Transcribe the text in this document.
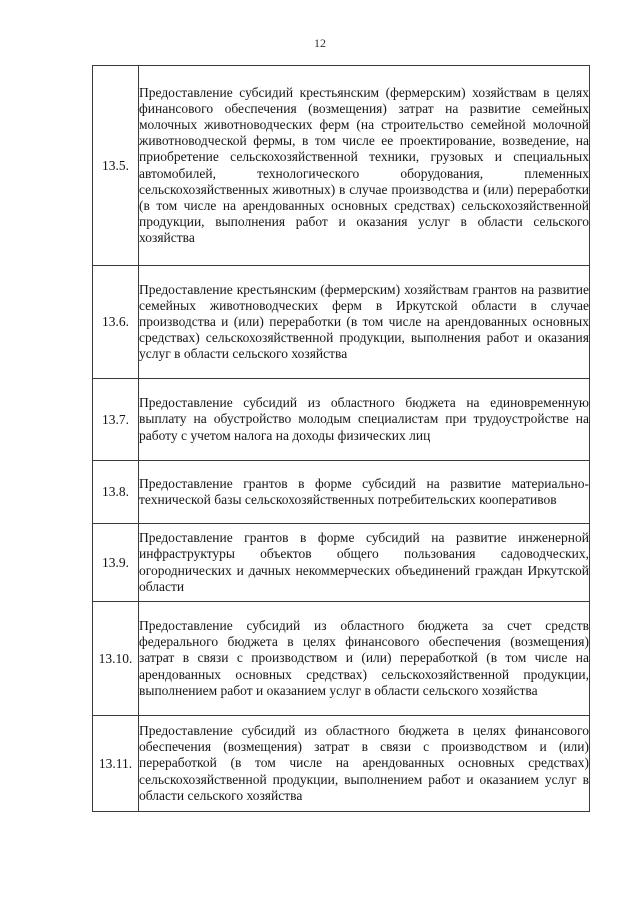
12
13.5.	Предоставление субсидий крестьянским (фермерским) хозяйствам в целях финансового обеспечения (возмещения) затрат на развитие семейных молочных животноводческих ферм (на строительство семейной молочной животноводческой фермы, в том числе ее проектирование, возведение, на приобретение сельскохозяйственной техники, грузовых и специальных автомобилей, технологического оборудования, племенных сельскохозяйственных животных) в случае производства и (или) переработки (в том числе на арендованных основных средствах) сельскохозяйственной продукции, выполнения работ и оказания услуг в области сельского хозяйства
13.6.	Предоставление крестьянским (фермерским) хозяйствам грантов на развитие семейных животноводческих ферм в Иркутской области в случае производства и (или) переработки (в том числе на арендованных основных средствах) сельскохозяйственной продукции, выполнения работ и оказания услуг в области сельского хозяйства
13.7.	Предоставление субсидий из областного бюджета на единовременную выплату на обустройство молодым специалистам при трудоустройстве на работу с учетом налога на доходы физических лиц
13.8.	Предоставление грантов в форме субсидий на развитие материально-технической базы сельскохозяйственных потребительских кооперативов
13.9.	Предоставление грантов в форме субсидий на развитие инженерной инфраструктуры объектов общего пользования садоводческих, огороднических и дачных некоммерческих объединений граждан Иркутской области
13.10.	Предоставление субсидий из областного бюджета за счет средств федерального бюджета в целях финансового обеспечения (возмещения) затрат в связи с производством и (или) переработкой (в том числе на арендованных основных средствах) сельскохозяйственной продукции, выполнением работ и оказанием услуг в области сельского хозяйства
13.11.	Предоставление субсидий из областного бюджета в целях финансового обеспечения (возмещения) затрат в связи с производством и (или) переработкой (в том числе на арендованных основных средствах) сельскохозяйственной продукции, выполнением работ и оказанием услуг в области сельского хозяйства
